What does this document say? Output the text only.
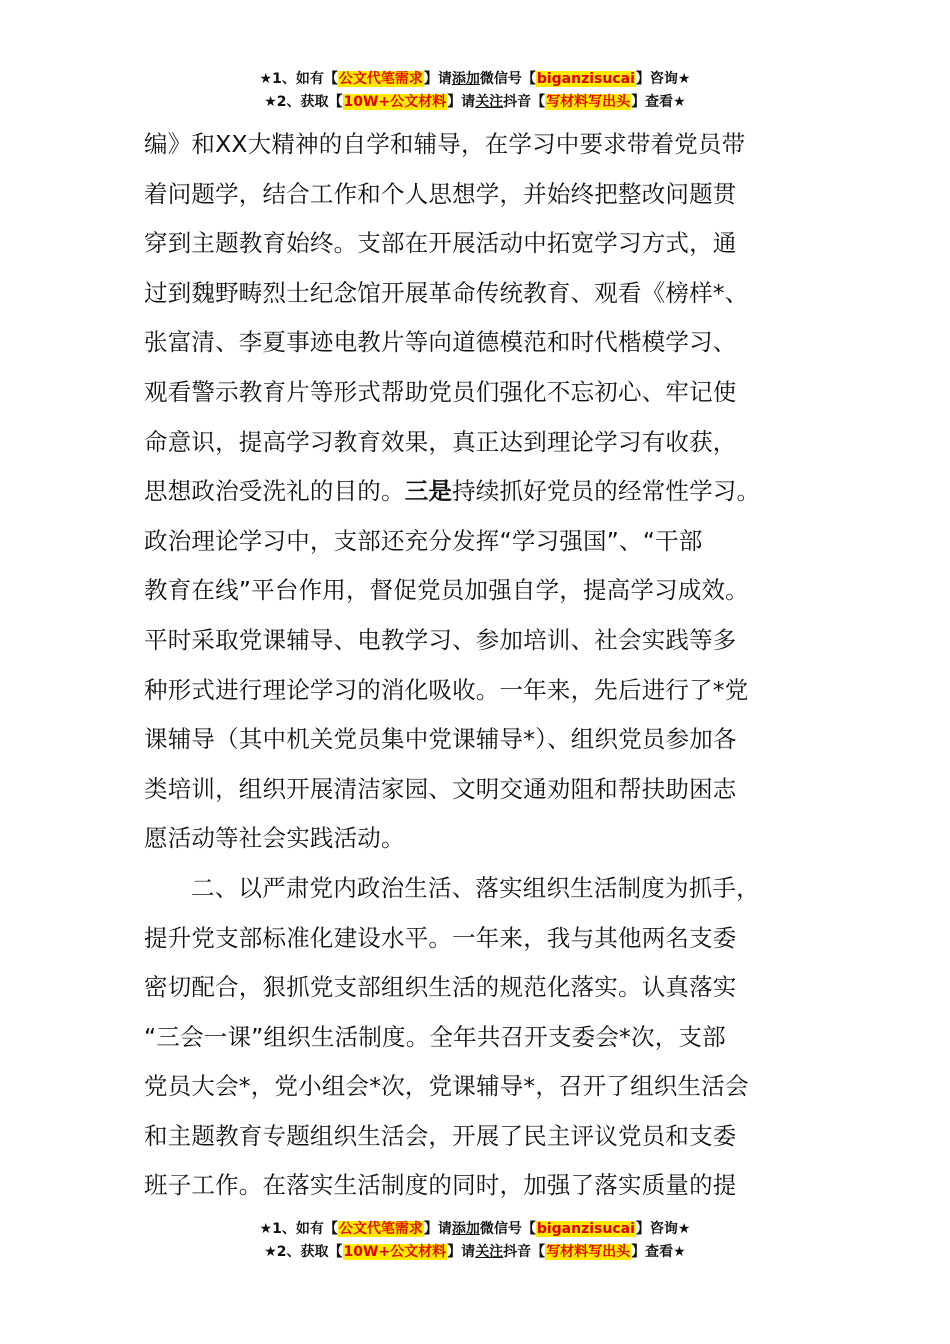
★1、如有【公文代笔需求】请添加微信号【biganzisucai】咨询★
★2、获取【10W+公文材料】请关注抖音【写材料写出头】查看★
编》和XX大精神的自学和辅导，在学习中要求带着党员带
着问题学，结合工作和个人思想学，并始终把整改问题贯
穿到主题教育始终。支部在开展活动中拓宽学习方式，通
过到魏野畴烈士纪念馆开展革命传统教育、观看《榜样*、
张富清、李夏事迹电教片等向道德模范和时代楷模学习、
观看警示教育片等形式帮助党员们强化不忘初心、牢记使
命意识，提高学习教育效果，真正达到理论学习有收获，
思想政治受洗礼的目的。三是持续抓好党员的经常性学习。
政治理论学习中，支部还充分发挥“学习强国”、“干部
教育在线”平台作用，督促党员加强自学，提高学习成效。
平时采取党课辅导、电教学习、参加培训、社会实践等多
种形式进行理论学习的消化吸收。一年来，先后进行了*党
课辅导（其中机关党员集中党课辅导*）、组织党员参加各
类培训，组织开展清洁家园、文明交通劝阻和帮扶助困志
愿活动等社会实践活动。
二、以严肃党内政治生活、落实组织生活制度为抓手，
提升党支部标准化建设水平。一年来，我与其他两名支委
密切配合，狠抓党支部组织生活的规范化落实。认真落实
“三会一课”组织生活制度。全年共召开支委会*次，支部
党员大会*，党小组会*次，党课辅导*，召开了组织生活会
和主题教育专题组织生活会，开展了民主评议党员和支委
班子工作。在落实生活制度的同时，加强了落实质量的提
★1、如有【公文代笔需求】请添加微信号【biganzisucai】咨询★
★2、获取【10W+公文材料】请关注抖音【写材料写出头】查看★
